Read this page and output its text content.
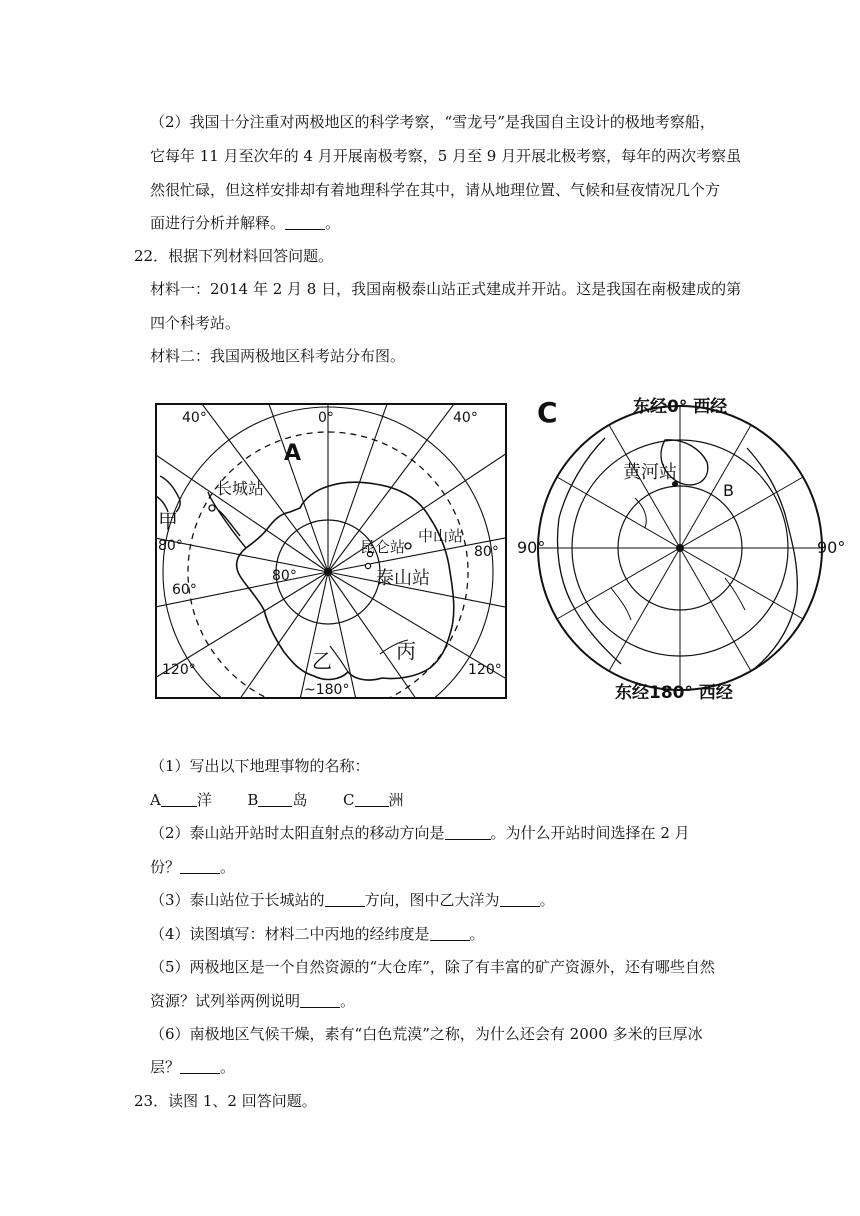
（2）我国十分注重对两极地区的科学考察，“雪龙号”是我国自主设计的极地考察船，
它每年 11 月至次年的 4 月开展南极考察，5 月至 9 月开展北极考察，每年的两次考察虽
然很忙碌，但这样安排却有着地理科学在其中，请从地理位置、气候和昼夜情况几个方
面进行分析并解释。	。
22．根据下列材料回答问题。
材料一：2014 年 2 月 8 日，我国南极泰山站正式建成并开站。这是我国在南极建成的第
四个科考站。
材料二：我国两极地区科考站分布图。
40°	0°	40°
A
长城站
甲
80°
80°
60°
昆仑站
中山站
80°
泰山站
120°	乙	丙
120°
~180°
C	东经0° 西经
黄河站
B
90°	90°
东经180° 西经
（1）写出以下地理事物的名称：
A 洋 B 岛 C 洲
（2）泰山站开站时太阳直射点的移动方向是	。为什么开站时间选择在 2 月
份？	。
（3）泰山站位于长城站的	方向，图中乙大洋为	。
（4）读图填写：材料二中丙地的经纬度是	。
（5）两极地区是一个自然资源的“大仓库”，除了有丰富的矿产资源外，还有哪些自然
资源？试列举两例说明	。
（6）南极地区气候干燥，素有“白色荒漠”之称，为什么还会有 2000 多米的巨厚冰
层？	。
23．读图 1、2 回答问题。
